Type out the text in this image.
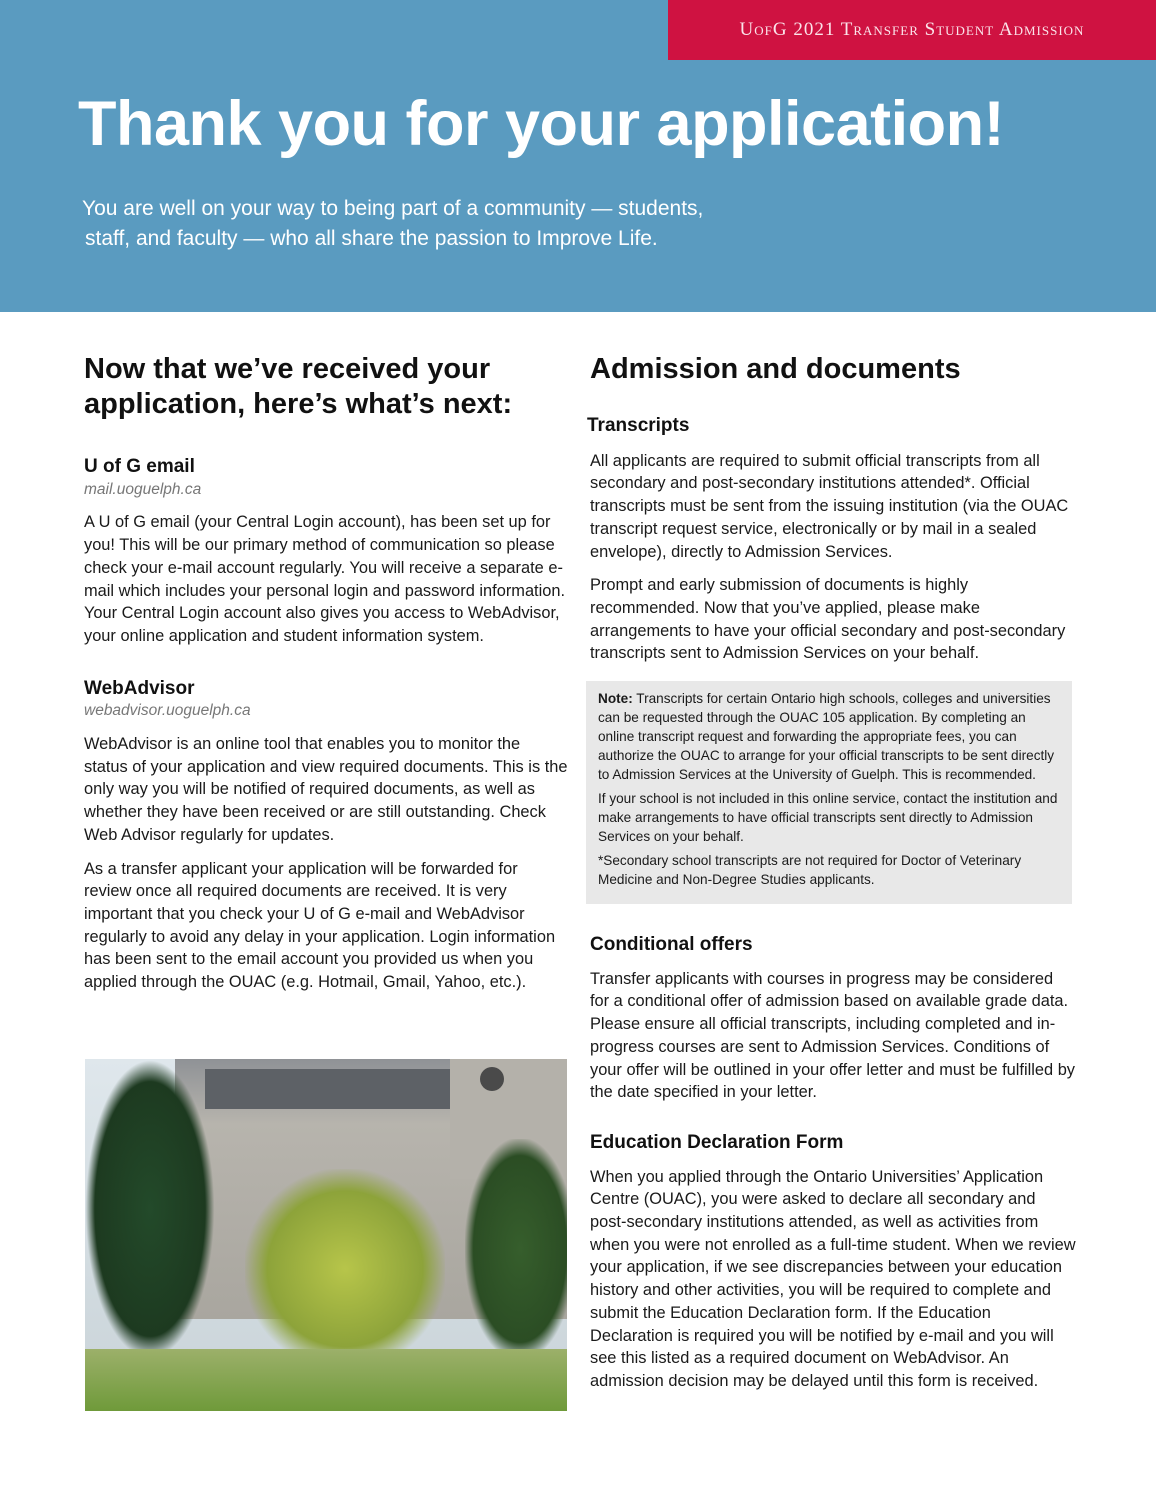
UofG 2021 Transfer Student Admission
Thank you for your application!
You are well on your way to being part of a community — students,
staff, and faculty — who all share the passion to Improve Life.
Now that we’ve received your application, here’s what’s next:
U of G email
mail.uoguelph.ca

A U of G email (your Central Login account), has been set up for you! This will be our primary method of communication so please check your e-mail account regularly. You will receive a separate e-mail which includes your personal login and password information. Your Central Login account also gives you access to WebAdvisor, your online application and student information system.

WebAdvisor
webadvisor.uoguelph.ca

WebAdvisor is an online tool that enables you to monitor the status of your application and view required documents. This is the only way you will be notified of required documents, as well as whether they have been received or are still outstanding. Check Web Advisor regularly for updates.

As a transfer applicant your application will be forwarded for review once all required documents are received. It is very important that you check your U of G e-mail and WebAdvisor regularly to avoid any delay in your application. Login information has been sent to the email account you provided us when you applied through the OUAC (e.g. Hotmail, Gmail, Yahoo, etc.).

Admission and documents
Transcripts

All applicants are required to submit official transcripts from all secondary and post-secondary institutions attended*. Official transcripts must be sent from the issuing institution (via the OUAC transcript request service, electronically or by mail in a sealed envelope), directly to Admission Services.

Prompt and early submission of documents is highly recommended. Now that you’ve applied, please make arrangements to have your official secondary and post-secondary transcripts sent to Admission Services on your behalf.

Note: Transcripts for certain Ontario high schools, colleges and universities can be requested through the OUAC 105 application. By completing an online transcript request and forwarding the appropriate fees, you can authorize the OUAC to arrange for your official transcripts to be sent directly to Admission Services at the University of Guelph. This is recommended.

If your school is not included in this online service, contact the institution and make arrangements to have official transcripts sent directly to Admission Services on your behalf.

*Secondary school transcripts are not required for Doctor of Veterinary Medicine and Non-Degree Studies applicants.

Conditional offers

Transfer applicants with courses in progress may be considered for a conditional offer of admission based on available grade data. Please ensure all official transcripts, including completed and in-progress courses are sent to Admission Services. Conditions of your offer will be outlined in your offer letter and must be fulfilled by the date specified in your letter.

Education Declaration Form

When you applied through the Ontario Universities’ Application Centre (OUAC), you were asked to declare all secondary and post-secondary institutions attended, as well as activities from when you were not enrolled as a full-time student. When we review your application, if we see discrepancies between your education history and other activities, you will be required to complete and submit the Education Declaration form. If the Education Declaration is required you will be notified by e-mail and you will see this listed as a required document on WebAdvisor. An admission decision may be delayed until this form is received.
